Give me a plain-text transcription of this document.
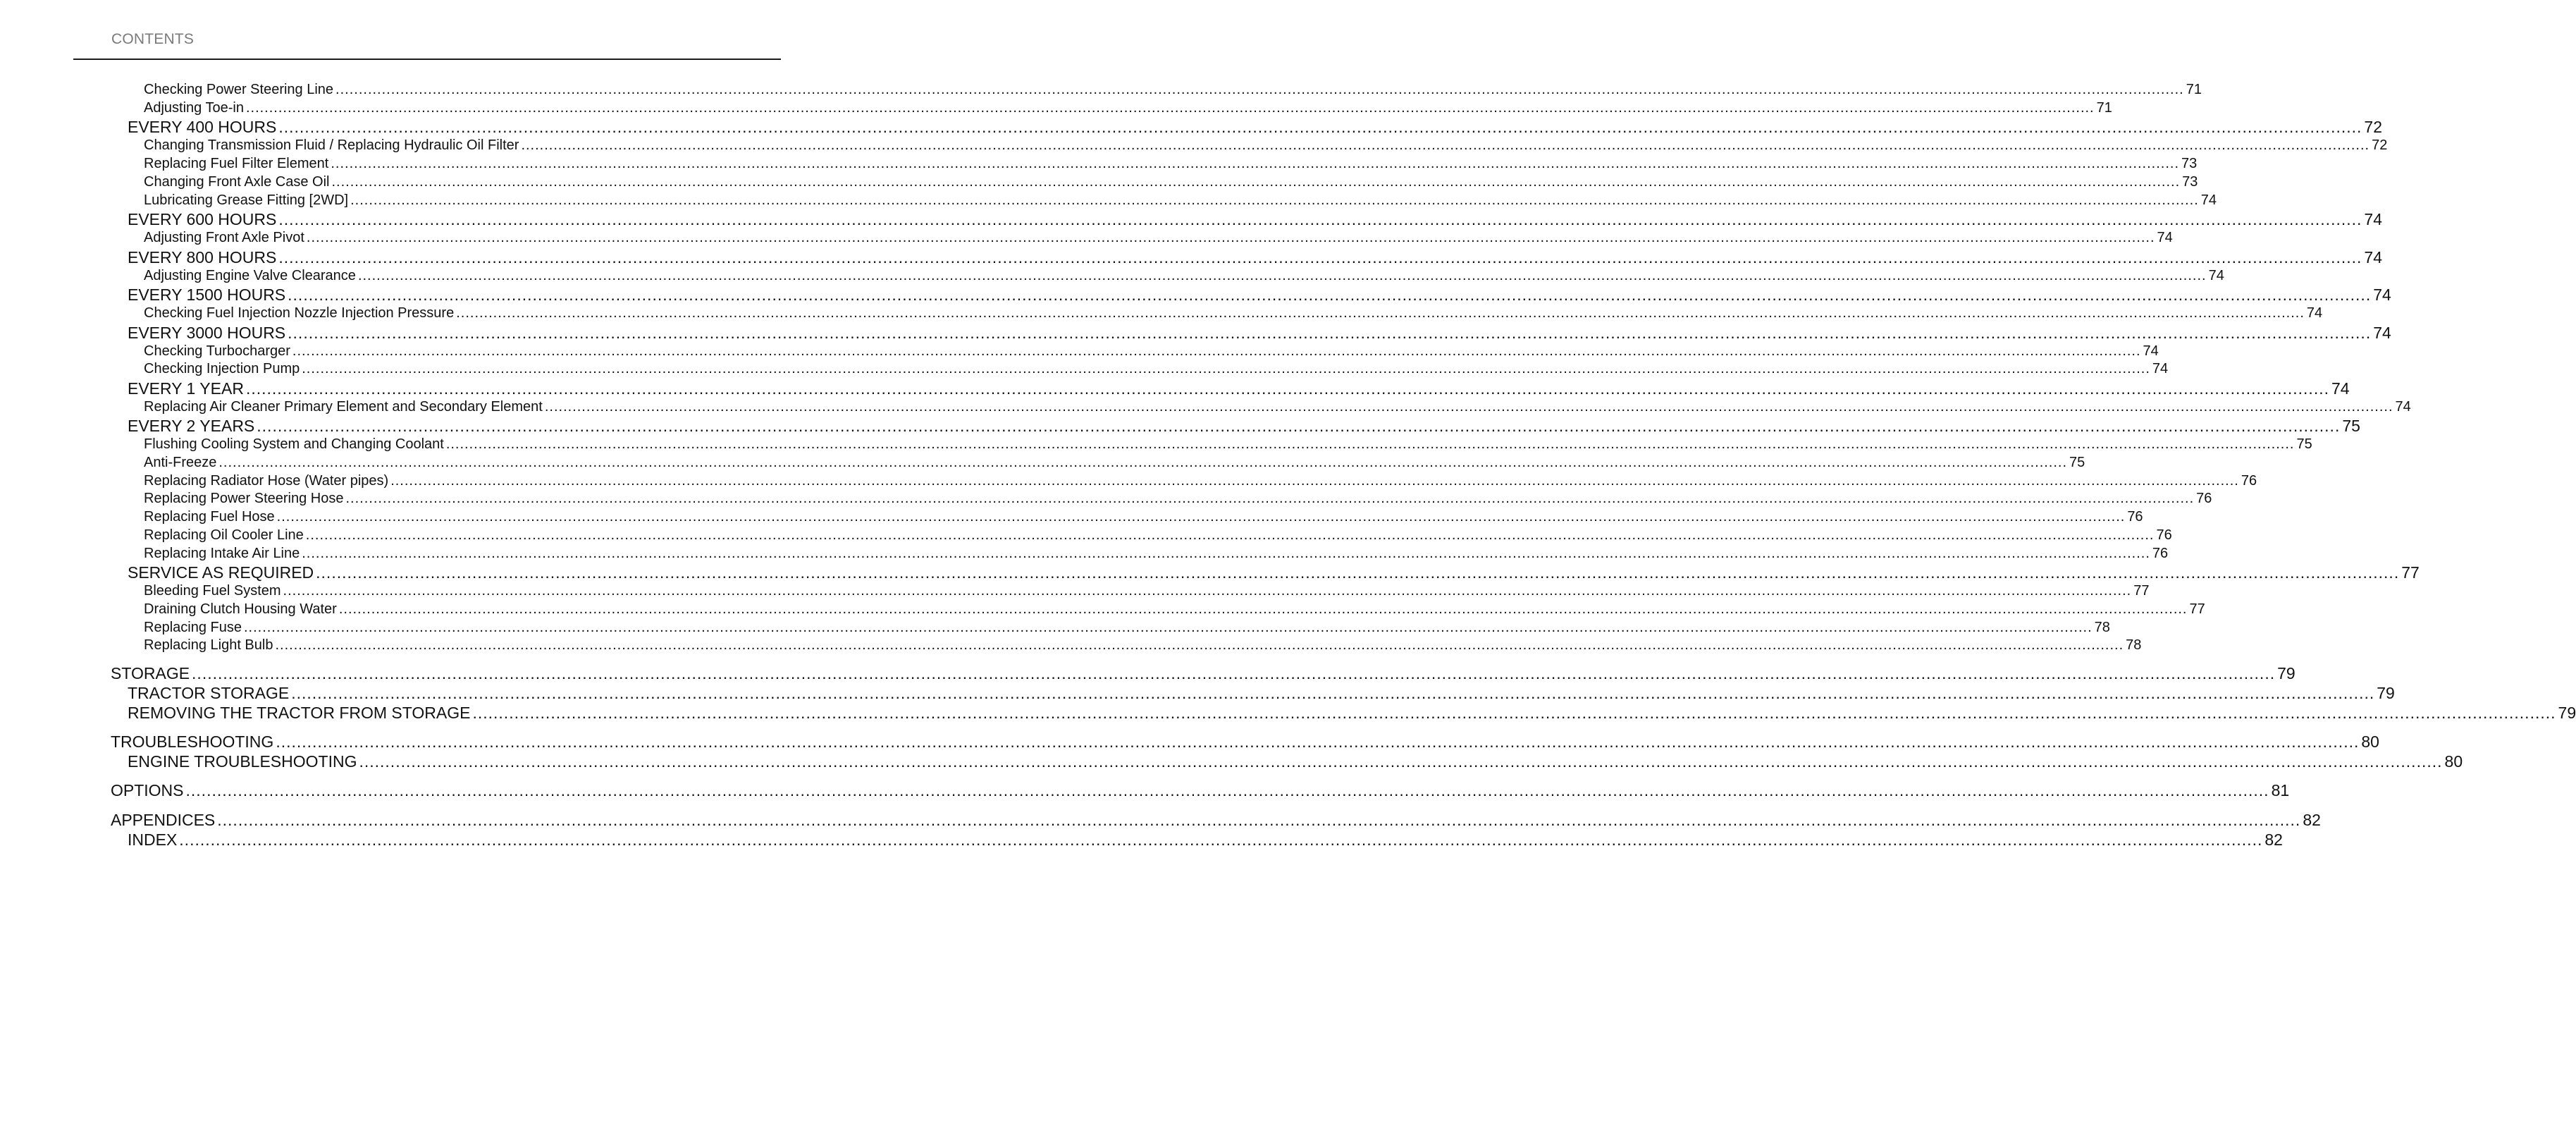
CONTENTS
Checking Power Steering Line ................................................................................................................................................................................................................................................................................................................................................................................................................ 71
Adjusting Toe-in ................................................................................................................................................................................................................................................................................................................................................................................................................ 71
EVERY 400 HOURS ................................................................................................................................................................................................................................................................................................................................................................................................................ 72
Changing Transmission Fluid / Replacing Hydraulic Oil Filter ................................................................................................................................................................................................................................................................................................................................................................................................................ 72
Replacing Fuel Filter Element ................................................................................................................................................................................................................................................................................................................................................................................................................ 73
Changing Front Axle Case Oil ................................................................................................................................................................................................................................................................................................................................................................................................................ 73
Lubricating Grease Fitting [2WD] ................................................................................................................................................................................................................................................................................................................................................................................................................ 74
EVERY 600 HOURS ................................................................................................................................................................................................................................................................................................................................................................................................................ 74
Adjusting Front Axle Pivot ................................................................................................................................................................................................................................................................................................................................................................................................................ 74
EVERY 800 HOURS ................................................................................................................................................................................................................................................................................................................................................................................................................ 74
Adjusting Engine Valve Clearance ................................................................................................................................................................................................................................................................................................................................................................................................................ 74
EVERY 1500 HOURS ................................................................................................................................................................................................................................................................................................................................................................................................................ 74
Checking Fuel Injection Nozzle Injection Pressure ................................................................................................................................................................................................................................................................................................................................................................................................................ 74
EVERY 3000 HOURS ................................................................................................................................................................................................................................................................................................................................................................................................................ 74
Checking Turbocharger ................................................................................................................................................................................................................................................................................................................................................................................................................ 74
Checking Injection Pump ................................................................................................................................................................................................................................................................................................................................................................................................................ 74
EVERY 1 YEAR ................................................................................................................................................................................................................................................................................................................................................................................................................ 74
Replacing Air Cleaner Primary Element and Secondary Element ................................................................................................................................................................................................................................................................................................................................................................................................................ 74
EVERY 2 YEARS ................................................................................................................................................................................................................................................................................................................................................................................................................ 75
Flushing Cooling System and Changing Coolant ................................................................................................................................................................................................................................................................................................................................................................................................................ 75
Anti-Freeze ................................................................................................................................................................................................................................................................................................................................................................................................................ 75
Replacing Radiator Hose (Water pipes) ................................................................................................................................................................................................................................................................................................................................................................................................................ 76
Replacing Power Steering Hose ................................................................................................................................................................................................................................................................................................................................................................................................................ 76
Replacing Fuel Hose ................................................................................................................................................................................................................................................................................................................................................................................................................ 76
Replacing Oil Cooler Line ................................................................................................................................................................................................................................................................................................................................................................................................................ 76
Replacing Intake Air Line ................................................................................................................................................................................................................................................................................................................................................................................................................ 76
SERVICE AS REQUIRED ................................................................................................................................................................................................................................................................................................................................................................................................................ 77
Bleeding Fuel System ................................................................................................................................................................................................................................................................................................................................................................................................................ 77
Draining Clutch Housing Water ................................................................................................................................................................................................................................................................................................................................................................................................................ 77
Replacing Fuse ................................................................................................................................................................................................................................................................................................................................................................................................................ 78
Replacing Light Bulb ................................................................................................................................................................................................................................................................................................................................................................................................................ 78
STORAGE ................................................................................................................................................................................................................................................................................................................................................................................................................ 79
TRACTOR STORAGE ................................................................................................................................................................................................................................................................................................................................................................................................................ 79
REMOVING THE TRACTOR FROM STORAGE ................................................................................................................................................................................................................................................................................................................................................................................................................ 79
TROUBLESHOOTING ................................................................................................................................................................................................................................................................................................................................................................................................................ 80
ENGINE TROUBLESHOOTING ................................................................................................................................................................................................................................................................................................................................................................................................................ 80
OPTIONS ................................................................................................................................................................................................................................................................................................................................................................................................................ 81
APPENDICES ................................................................................................................................................................................................................................................................................................................................................................................................................ 82
INDEX ................................................................................................................................................................................................................................................................................................................................................................................................................ 82
